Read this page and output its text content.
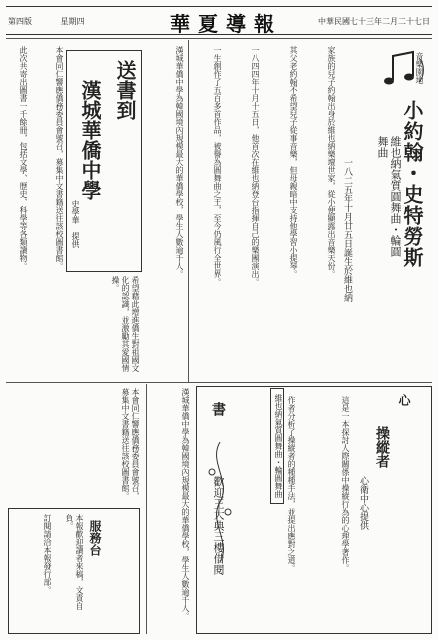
第四版	星期四	華夏導報	中華民國七十三年二月二十七日
音樂園地
小約翰・史特勞斯
維也納氣質圓舞曲・輪圓舞曲
一八二五年十月廿五日誕生於維也納
家族的兒子約翰出身於維也納樂壇世家，從小便顯露出音樂天份。
其父老約翰不希望兒子從事音樂，但母親暗中支持他學習小提琴。
一八四四年十月十五日，他首次在維也納登台指揮自己的樂團演出。
一生創作了五百多首作品，被譽為圓舞曲之王，至今仍風行全世界。
維也納氣質圓舞曲・輪圓舞曲
送書到
漢城華僑中學
史學華　提供	漢城華僑中學為韓國境內規模最大的華僑學校，學生人數逾千人。
本會同仁響應僑務委員會號召，募集中文書籍送往該校圖書館。
此次共寄出圖書一千餘冊，包括文學、歷史、科學等各類讀物。
希望藉此增進僑生對祖國文化的認識，並激勵其愛國情操。
漢城華僑中學為韓國境內規模最大的華僑學校，學生人數逾千人。
本會同仁響應僑務委員會號召，募集中文書籍送往該校圖書館。
服務台
本報歡迎讀者來稿，文責自負。
訂閱請洽本報發行部。
書
歡迎王大典三樓借閱
心
操縱者
心衛中心提供
這是一本探討人際關係中操縱行為的心理學著作。
作者分析了操縱者的種種手法，並提出應對之道。
